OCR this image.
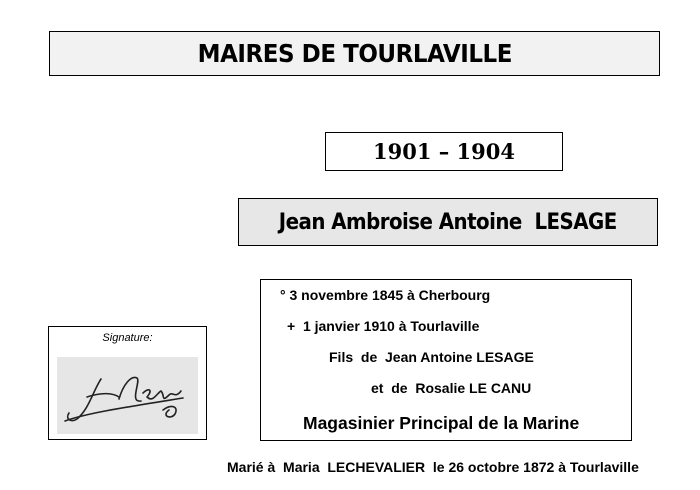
MAIRES DE TOURLAVILLE
1901 – 1904
Jean Ambroise Antoine  LESAGE
° 3 novembre 1845 à Cherbourg
+  1 janvier 1910 à Tourlaville
Fils  de  Jean Antoine LESAGE
et  de  Rosalie LE CANU
Magasinier Principal de la Marine
Signature:
Marié à  Maria  LECHEVALIER  le 26 octobre 1872 à Tourlaville
